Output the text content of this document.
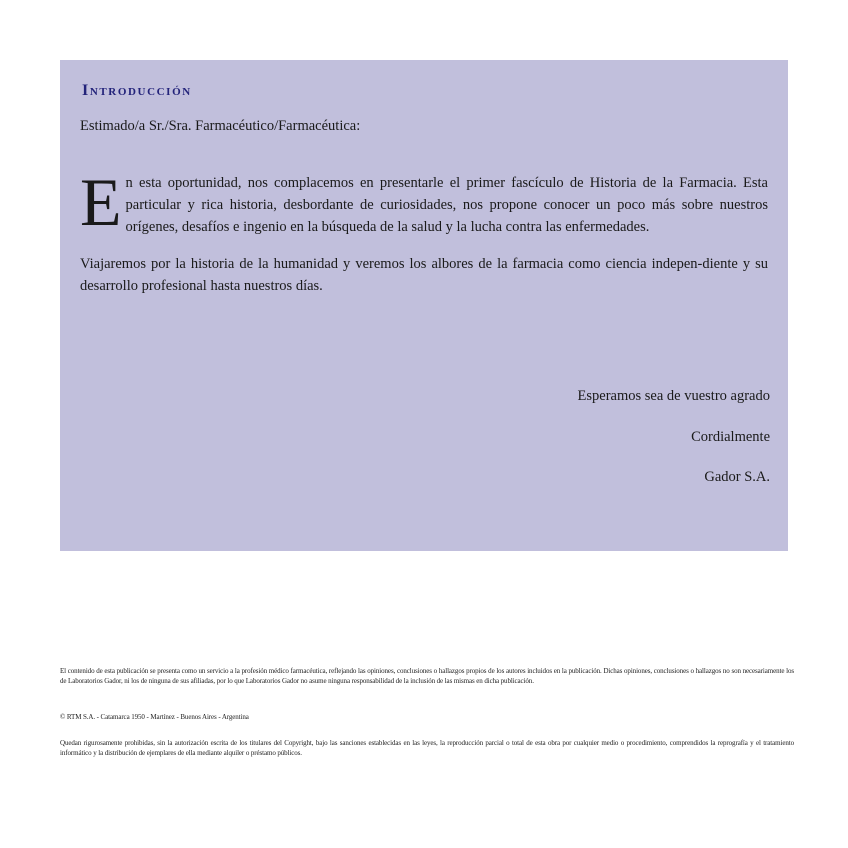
Introducción

Estimado/a Sr./Sra. Farmacéutico/Farmacéutica:

E n esta oportunidad, nos complacemos en presentarle el primer fascículo de Historia de la Farmacia. Esta particular y rica historia, desbordante de curiosidades, nos propone conocer un poco más sobre nuestros orígenes, desafíos e ingenio en la búsqueda de la salud y la lucha contra las enfermedades.

Viajaremos por la historia de la humanidad y veremos los albores de la farmacia como ciencia indepen-diente y su desarrollo profesional hasta nuestros días.

Esperamos sea de vuestro agrado
Cordialmente
Gador S.A.
El contenido de esta publicación se presenta como un servicio a la profesión médico farmacéutica, reflejando las opiniones, conclusiones o hallazgos propios de los autores incluidos en la publicación. Dichas opiniones, conclusiones o hallazgos no son necesariamente los de Laboratorios Gador, ni los de ninguna de sus afiliadas, por lo que Laboratorios Gador no asume ninguna responsabilidad de la inclusión de las mismas en dicha publicación.
© RTM S.A. - Catamarca 1950 - Martínez - Buenos Aires - Argentina
Quedan rigurosamente prohibidas, sin la autorización escrita de los titulares del Copyright, bajo las sanciones establecidas en las leyes, la reproducción parcial o total de esta obra por cualquier medio o procedimiento, comprendidos la reprografía y el tratamiento informático y la distribución de ejemplares de ella mediante alquiler o préstamo públicos.
